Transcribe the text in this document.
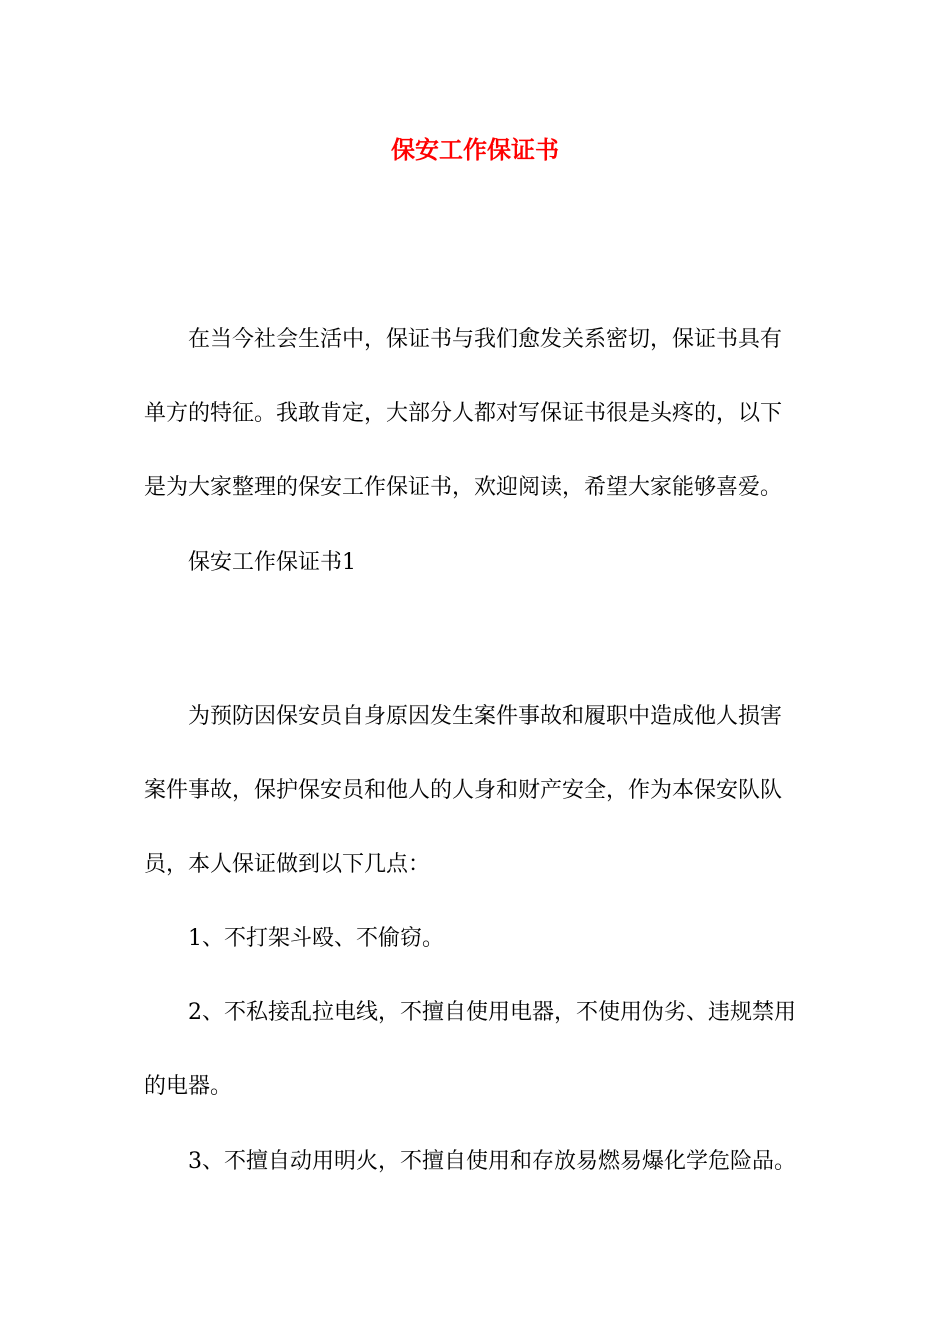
保安工作保证书

在当今社会生活中，保证书与我们愈发关系密切，保证书具有
单方的特征。我敢肯定，大部分人都对写保证书很是头疼的，以下
是为大家整理的保安工作保证书，欢迎阅读，希望大家能够喜爱。

保安工作保证书1

为预防因保安员自身原因发生案件事故和履职中造成他人损害
案件事故，保护保安员和他人的人身和财产安全，作为本保安队队
员，本人保证做到以下几点：

1、不打架斗殴、不偷窃。

2、不私接乱拉电线，不擅自使用电器，不使用伪劣、违规禁用
的电器。

3、不擅自动用明火，不擅自使用和存放易燃易爆化学危险品。
